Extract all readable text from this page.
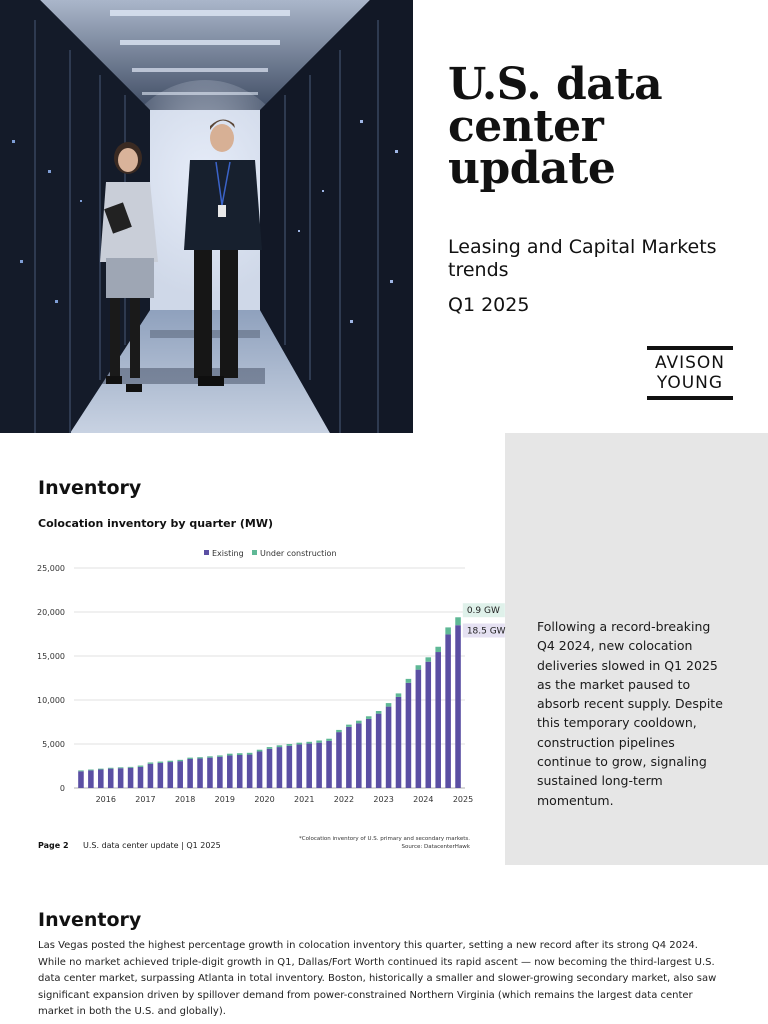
U.S. data center update
Leasing and Capital Markets trends
Q1 2025
AVISON
YOUNG

Following a record-breaking Q4 2024, new colocation deliveries slowed in Q1 2025 as the market paused to absorb recent supply. Despite this temporary cooldown, construction pipelines continue to grow, signaling sustained long-term momentum.

Inventory
Colocation inventory by quarter (MW)
Existing Under construction
0
5,000
10,000
15,000
20,000
25,000
2016 2017 2018 2019 2020 2021 2022 2023 2024 2025
0.9 GW
18.5 GW
Page 2 U.S. data center update | Q1 2025
*Colocation inventory of U.S. primary and secondary markets.
Source: DatacenterHawk
Inventory

Las Vegas posted the highest percentage growth in colocation inventory this quarter, setting a new record after its strong Q4 2024. While no market achieved triple-digit growth in Q1, Dallas/Fort Worth continued its rapid ascent — now becoming the third-largest U.S. data center market, surpassing Atlanta in total inventory. Boston, historically a smaller and slower-growing secondary market, also saw significant expansion driven by spillover demand from power-constrained Northern Virginia (which remains the largest data center market in both the U.S. and globally).
